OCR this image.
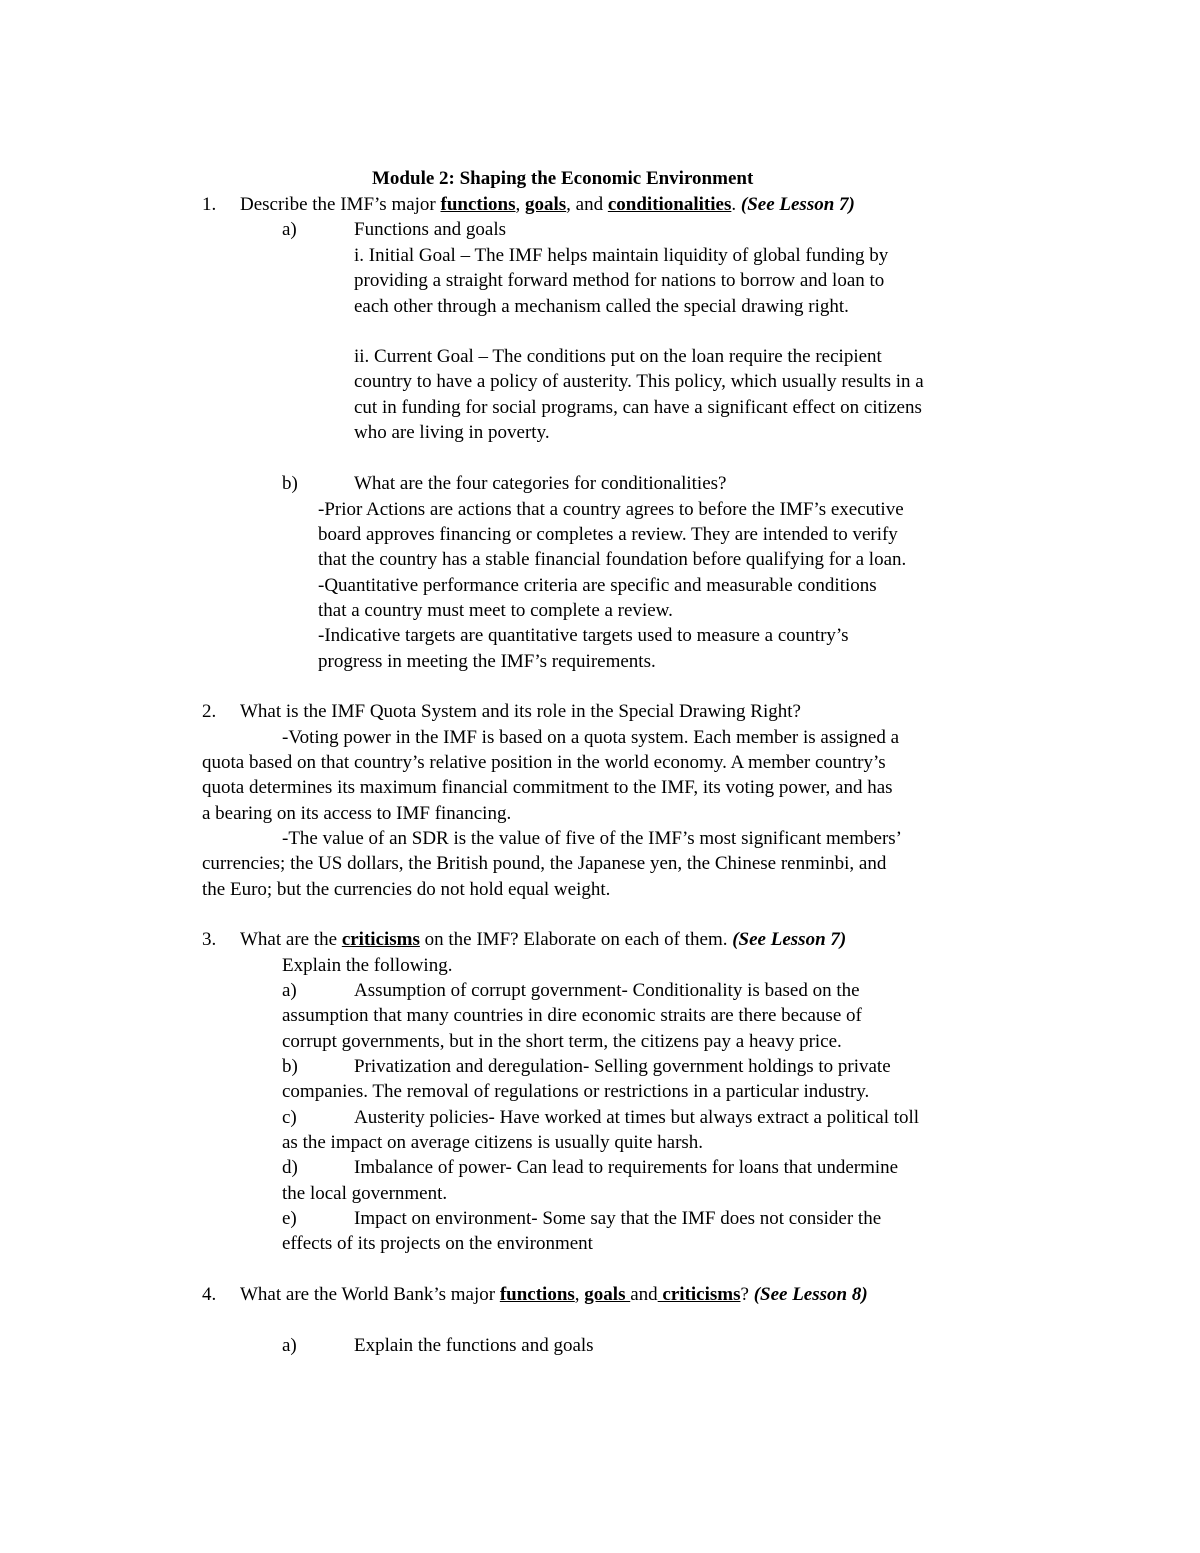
Module 2: Shaping the Economic Environment
1. Describe the IMF’s major functions, goals, and conditionalities. (See Lesson 7)
a)	Functions and goals
i. Initial Goal – The IMF helps maintain liquidity of global funding by
providing a straight forward method for nations to borrow and loan to
each other through a mechanism called the special drawing right.
ii. Current Goal – The conditions put on the loan require the recipient
country to have a policy of austerity. This policy, which usually results in a
cut in funding for social programs, can have a significant effect on citizens
who are living in poverty.
b)	What are the four categories for conditionalities?
-Prior Actions are actions that a country agrees to before the IMF’s executive
board approves financing or completes a review. They are intended to verify
that the country has a stable financial foundation before qualifying for a loan.
-Quantitative performance criteria are specific and measurable conditions
that a country must meet to complete a review.
-Indicative targets are quantitative targets used to measure a country’s
progress in meeting the IMF’s requirements.
2. What is the IMF Quota System and its role in the Special Drawing Right?
-Voting power in the IMF is based on a quota system. Each member is assigned a
quota based on that country’s relative position in the world economy. A member country’s
quota determines its maximum financial commitment to the IMF, its voting power, and has
a bearing on its access to IMF financing.
-The value of an SDR is the value of five of the IMF’s most significant members’
currencies; the US dollars, the British pound, the Japanese yen, the Chinese renminbi, and
the Euro; but the currencies do not hold equal weight.
3. What are the criticisms on the IMF? Elaborate on each of them. (See Lesson 7)
Explain the following.
a)	Assumption of corrupt government- Conditionality is based on the
assumption that many countries in dire economic straits are there because of
corrupt governments, but in the short term, the citizens pay a heavy price.
b)	Privatization and deregulation- Selling government holdings to private
companies. The removal of regulations or restrictions in a particular industry.
c)	Austerity policies- Have worked at times but always extract a political toll
as the impact on average citizens is usually quite harsh.
d)	Imbalance of power- Can lead to requirements for loans that undermine
the local government.
e)	Impact on environment- Some say that the IMF does not consider the
effects of its projects on the environment
4. What are the World Bank’s major functions, goals and criticisms? (See Lesson 8)
a)	Explain the functions and goals
